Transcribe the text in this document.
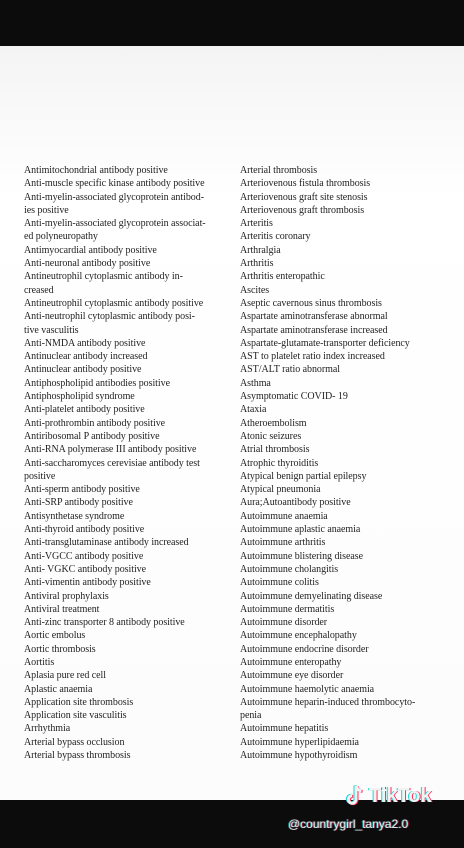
Antimitochondrial antibody positive
Anti-muscle specific kinase antibody positive
Anti-myelin-associated glycoprotein antibod-
ies positive
Anti-myelin-associated glycoprotein associat-
ed polyneuropathy
Antimyocardial antibody positive
Anti-neuronal antibody positive
Antineutrophil cytoplasmic antibody in-
creased
Antineutrophil cytoplasmic antibody positive
Anti-neutrophil cytoplasmic antibody posi-
tive vasculitis
Anti-NMDA antibody positive
Antinuclear antibody increased
Antinuclear antibody positive
Antiphospholipid antibodies positive
Antiphospholipid syndrome
Anti-platelet antibody positive
Anti-prothrombin antibody positive
Antiribosomal P antibody positive
Anti-RNA polymerase III antibody positive
Anti-saccharomyces cerevisiae antibody test
positive
Anti-sperm antibody positive
Anti-SRP antibody positive
Antisynthetase syndrome
Anti-thyroid antibody positive
Anti-transglutaminase antibody increased
Anti-VGCC antibody positive
Anti- VGKC antibody positive
Anti-vimentin antibody positive
Antiviral prophylaxis
Antiviral treatment
Anti-zinc transporter 8 antibody positive
Aortic embolus
Aortic thrombosis
Aortitis
Aplasia pure red cell
Aplastic anaemia
Application site thrombosis
Application site vasculitis
Arrhythmia
Arterial bypass occlusion
Arterial bypass thrombosis
Arterial thrombosis
Arteriovenous fistula thrombosis
Arteriovenous graft site stenosis
Arteriovenous graft thrombosis
Arteritis
Arteritis coronary
Arthralgia
Arthritis
Arthritis enteropathic
Ascites
Aseptic cavernous sinus thrombosis
Aspartate aminotransferase abnormal
Aspartate aminotransferase increased
Aspartate-glutamate-transporter deficiency
AST to platelet ratio index increased
AST/ALT ratio abnormal
Asthma
Asymptomatic COVID- 19
Ataxia
Atheroembolism
Atonic seizures
Atrial thrombosis
Atrophic thyroiditis
Atypical benign partial epilepsy
Atypical pneumonia
Aura;Autoantibody positive
Autoimmune anaemia
Autoimmune aplastic anaemia
Autoimmune arthritis
Autoimmune blistering disease
Autoimmune cholangitis
Autoimmune colitis
Autoimmune demyelinating disease
Autoimmune dermatitis
Autoimmune disorder
Autoimmune encephalopathy
Autoimmune endocrine disorder
Autoimmune enteropathy
Autoimmune eye disorder
Autoimmune haemolytic anaemia
Autoimmune heparin-induced thrombocyto-
penia
Autoimmune hepatitis
Autoimmune hyperlipidaemia
Autoimmune hypothyroidism
TikTok
@countrygirl_tanya2.0
